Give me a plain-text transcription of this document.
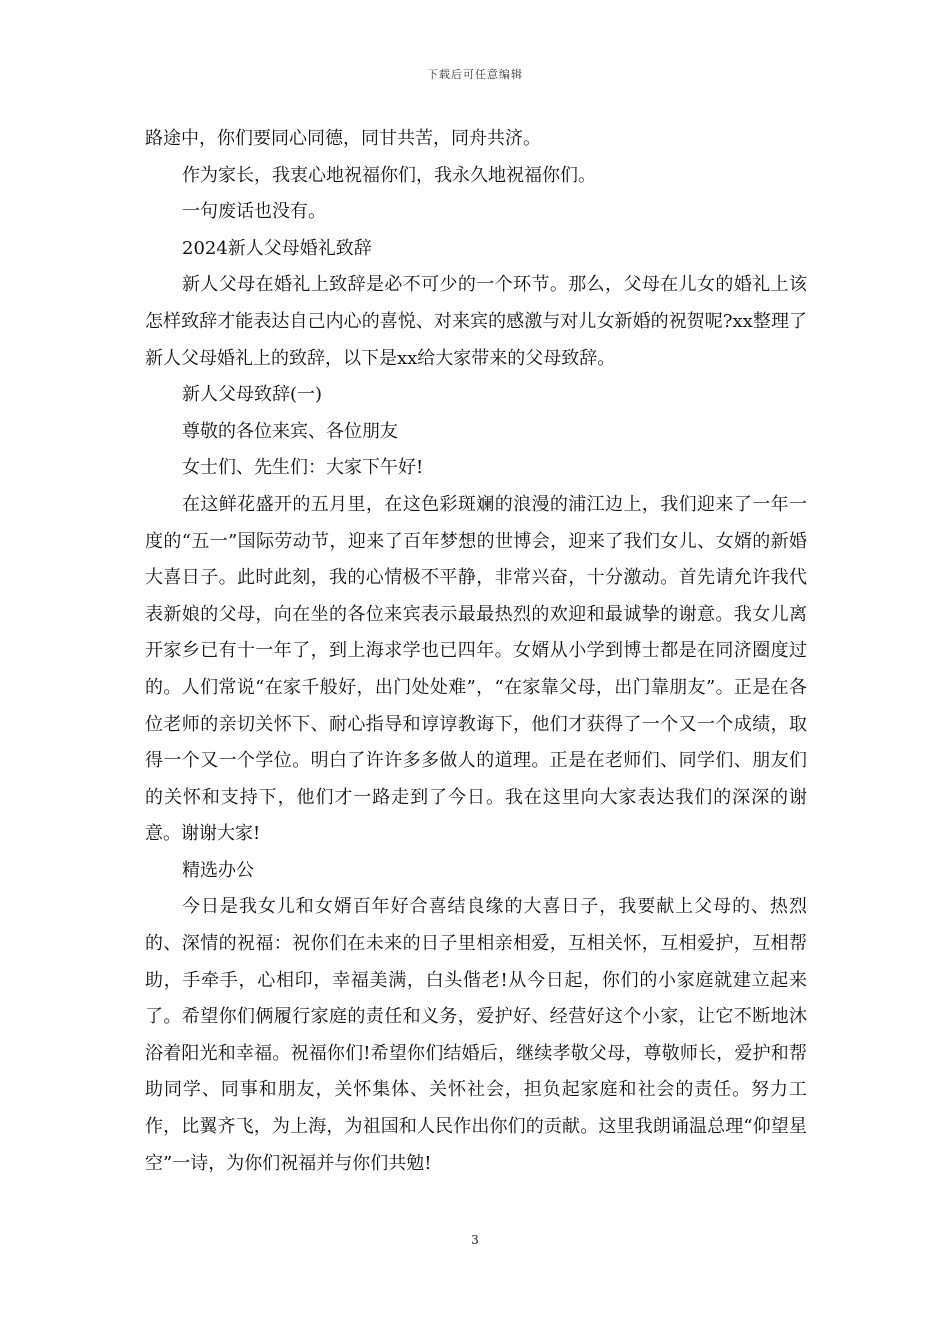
下载后可任意编辑

路途中，你们要同心同德，同甘共苦，同舟共济。

作为家长，我衷心地祝福你们，我永久地祝福你们。

一句废话也没有。

2024新人父母婚礼致辞

新人父母在婚礼上致辞是必不可少的一个环节。那么，父母在儿女的婚礼上该怎样致辞才能表达自己内心的喜悦、对来宾的感激与对儿女新婚的祝贺呢?xx整理了新人父母婚礼上的致辞，以下是xx给大家带来的父母致辞。

新人父母致辞(一)

尊敬的各位来宾、各位朋友

女士们、先生们：大家下午好!

在这鲜花盛开的五月里，在这色彩斑斓的浪漫的浦江边上，我们迎来了一年一度的“五一”国际劳动节，迎来了百年梦想的世博会，迎来了我们女儿、女婿的新婚大喜日子。此时此刻，我的心情极不平静，非常兴奋，十分激动。首先请允许我代表新娘的父母，向在坐的各位来宾表示最最热烈的欢迎和最诚挚的谢意。我女儿离开家乡已有十一年了，到上海求学也已四年。女婿从小学到博士都是在同济圈度过的。人们常说“在家千般好，出门处处难”，“在家靠父母，出门靠朋友”。正是在各位老师的亲切关怀下、耐心指导和谆谆教诲下，他们才获得了一个又一个成绩，取得一个又一个学位。明白了许许多多做人的道理。正是在老师们、同学们、朋友们的关怀和支持下，他们才一路走到了今日。我在这里向大家表达我们的深深的谢意。谢谢大家!

精选办公

今日是我女儿和女婿百年好合喜结良缘的大喜日子，我要献上父母的、热烈的、深情的祝福：祝你们在未来的日子里相亲相爱，互相关怀，互相爱护，互相帮助，手牵手，心相印，幸福美满，白头偕老!从今日起，你们的小家庭就建立起来了。希望你们俩履行家庭的责任和义务，爱护好、经营好这个小家，让它不断地沐浴着阳光和幸福。祝福你们!希望你们结婚后，继续孝敬父母，尊敬师长，爱护和帮助同学、同事和朋友，关怀集体、关怀社会，担负起家庭和社会的责任。努力工作，比翼齐飞，为上海，为祖国和人民作出你们的贡献。这里我朗诵温总理“仰望星空”一诗，为你们祝福并与你们共勉!

3
